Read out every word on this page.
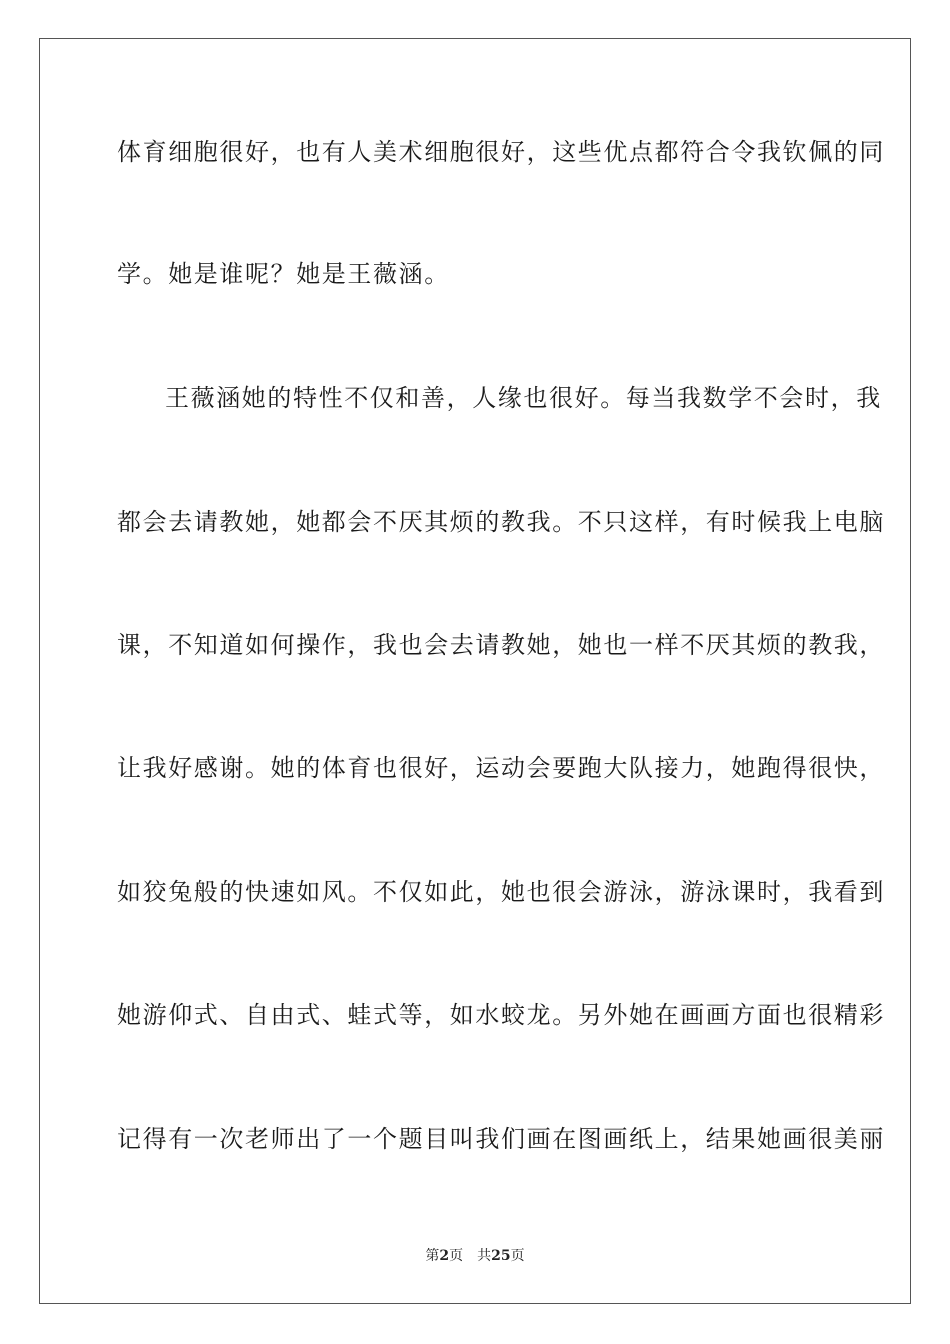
体育细胞很好，也有人美术细胞很好，这些优点都符合令我钦佩的同
学。她是谁呢？她是王薇涵。
王薇涵她的特性不仅和善，人缘也很好。每当我数学不会时，我
都会去请教她，她都会不厌其烦的教我。不只这样，有时候我上电脑
课，不知道如何操作，我也会去请教她，她也一样不厌其烦的教我，
让我好感谢。她的体育也很好，运动会要跑大队接力，她跑得很快，
如狡兔般的快速如风。不仅如此，她也很会游泳，游泳课时，我看到
她游仰式、自由式、蛙式等，如水蛟龙。另外她在画画方面也很精彩
记得有一次老师出了一个题目叫我们画在图画纸上，结果她画很美丽
第2页 共25页
